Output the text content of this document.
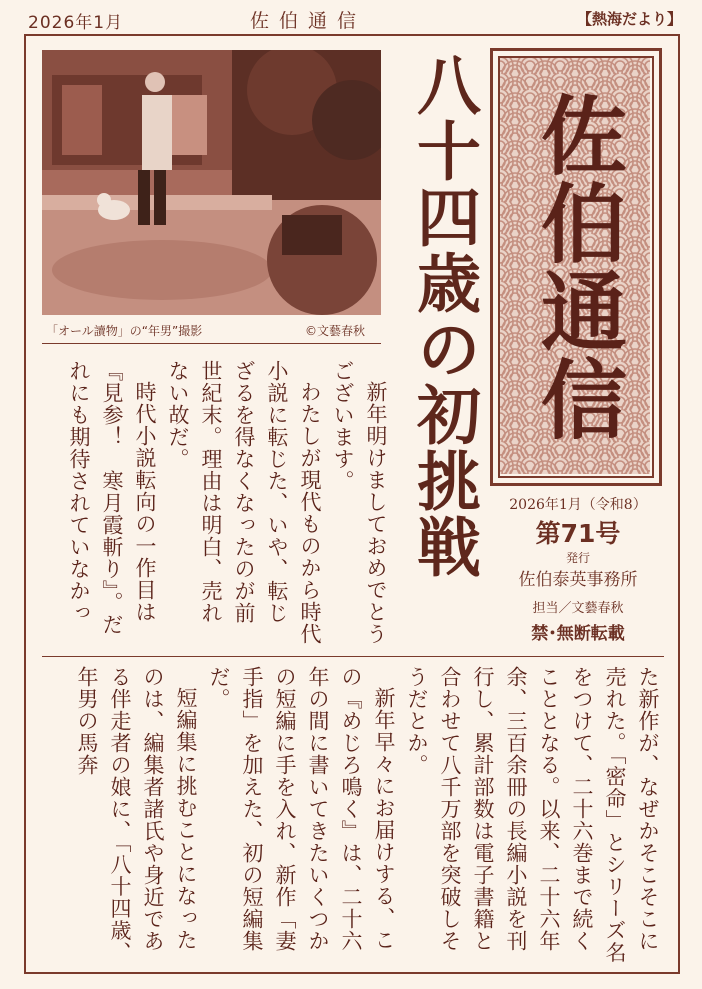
2026年1月	佐伯通信	【熱海だより】
「オール讀物」の“年男”撮影	©文藝春秋 八十四歳の初挑戦 佐伯通信
2026年1月（令和8）
第71号
発行
佐伯泰英事務所
担当／文藝春秋
禁･無断転載

新年明けましておめでとうございます。

わたしが現代ものから時代小説に転じた、いや、転じざるを得なくなったのが前世紀末。理由は明白、売れない故だ。

時代小説転向の一作目は『見参！　寒月霞斬り』。だれにも期待されていなかっ

た新作が、なぜかそこそこに売れた。「密命」とシリーズ名をつけて、二十六巻まで続くこととなる。以来、二十六年余、三百余冊の長編小説を刊行し、累計部数は電子書籍と合わせて八千万部を突破しそうだとか。

新年早々にお届けする、この『めじろ鳴く』は、二十六年の間に書いてきたいくつかの短編に手を入れ、新作「妻手指」を加えた、初の短編集だ。

短編集に挑むことになったのは、編集者諸氏や身近である伴走者の娘に、「八十四歳、年男の馬奔
